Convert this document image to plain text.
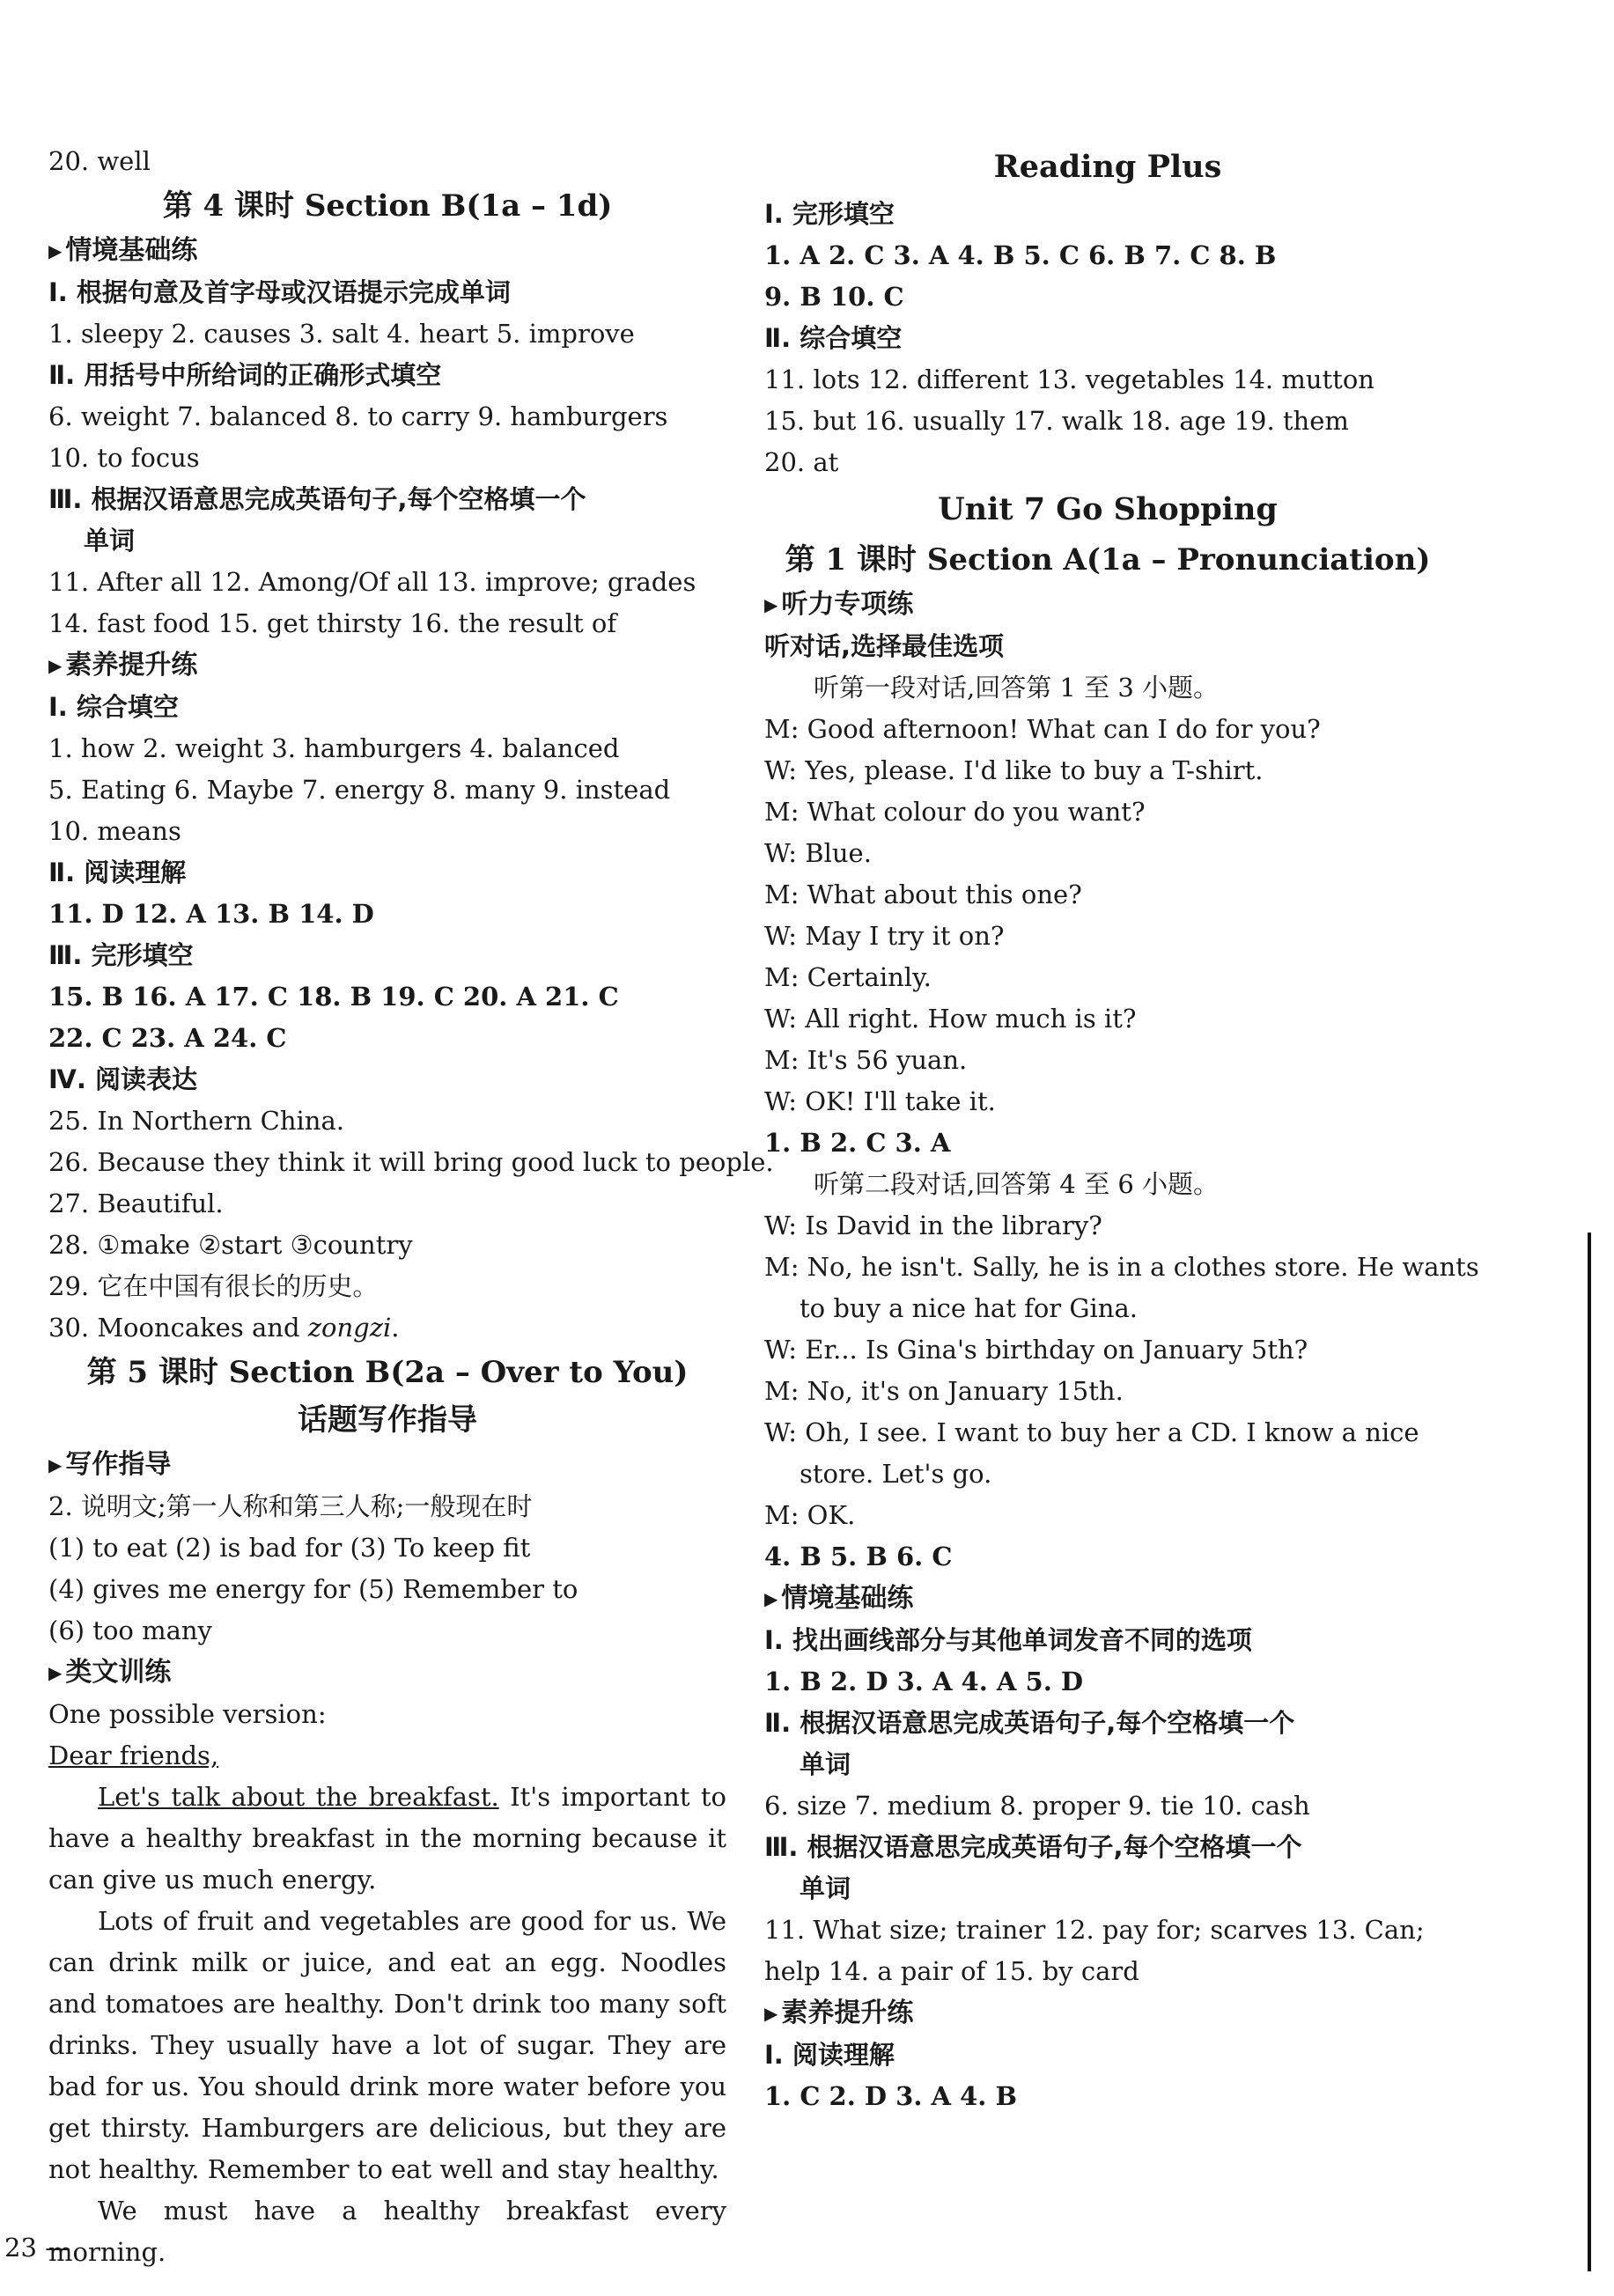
20. well
第 4 课时 Section B(1a – 1d)
▶ 情境基础练
Ⅰ. 根据句意及首字母或汉语提示完成单词
1. sleepy 2. causes 3. salt 4. heart 5. improve
Ⅱ. 用括号中所给词的正确形式填空
6. weight 7. balanced 8. to carry 9. hamburgers
10. to focus
Ⅲ. 根据汉语意思完成英语句子,每个空格填一个
单词
11. After all 12. Among/Of all 13. improve; grades
14. fast food 15. get thirsty 16. the result of
▶ 素养提升练
Ⅰ. 综合填空
1. how 2. weight 3. hamburgers 4. balanced
5. Eating 6. Maybe 7. energy 8. many 9. instead
10. means
Ⅱ. 阅读理解
11. D 12. A 13. B 14. D
Ⅲ. 完形填空
15. B 16. A 17. C 18. B 19. C 20. A 21. C
22. C 23. A 24. C
Ⅳ. 阅读表达
25. In Northern China.
26. Because they think it will bring good luck to people.
27. Beautiful.
28. ①make ②start ③country
29. 它在中国有很长的历史。
30. Mooncakes and zongzi.
第 5 课时 Section B(2a – Over to You)
话题写作指导
▶ 写作指导
2. 说明文;第一人称和第三人称;一般现在时
(1) to eat (2) is bad for (3) To keep fit
(4) gives me energy for (5) Remember to
(6) too many
▶ 类文训练
One possible version:
Dear friends,
Let's talk about the breakfast. It's important to have a healthy breakfast in the morning because it can give us much energy.
Lots of fruit and vegetables are good for us. We can drink milk or juice, and eat an egg. Noodles and tomatoes are healthy. Don't drink too many soft drinks. They usually have a lot of sugar. They are bad for us. You should drink more water before you get thirsty. Hamburgers are delicious, but they are not healthy. Remember to eat well and stay healthy.
We must have a healthy breakfast every morning.
Reading Plus
Ⅰ. 完形填空
1. A 2. C 3. A 4. B 5. C 6. B 7. C 8. B
9. B 10. C
Ⅱ. 综合填空
11. lots 12. different 13. vegetables 14. mutton
15. but 16. usually 17. walk 18. age 19. them
20. at
Unit 7 Go Shopping
第 1 课时 Section A(1a – Pronunciation)
▶ 听力专项练
听对话,选择最佳选项
听第一段对话,回答第 1 至 3 小题。
M: Good afternoon! What can I do for you?
W: Yes, please. I'd like to buy a T-shirt.
M: What colour do you want?
W: Blue.
M: What about this one?
W: May I try it on?
M: Certainly.
W: All right. How much is it?
M: It's 56 yuan.
W: OK! I'll take it.
1. B 2. C 3. A
听第二段对话,回答第 4 至 6 小题。
W: Is David in the library?
M: No, he isn't. Sally, he is in a clothes store. He wants
to buy a nice hat for Gina.
W: Er... Is Gina's birthday on January 5th?
M: No, it's on January 15th.
W: Oh, I see. I want to buy her a CD. I know a nice
store. Let's go.
M: OK.
4. B 5. B 6. C
▶ 情境基础练
Ⅰ. 找出画线部分与其他单词发音不同的选项
1. B 2. D 3. A 4. A 5. D
Ⅱ. 根据汉语意思完成英语句子,每个空格填一个
单词
6. size 7. medium 8. proper 9. tie 10. cash
Ⅲ. 根据汉语意思完成英语句子,每个空格填一个
单词
11. What size; trainer 12. pay for; scarves 13. Can;
help 14. a pair of 15. by card
▶ 素养提升练
Ⅰ. 阅读理解
1. C 2. D 3. A 4. B
23 —
